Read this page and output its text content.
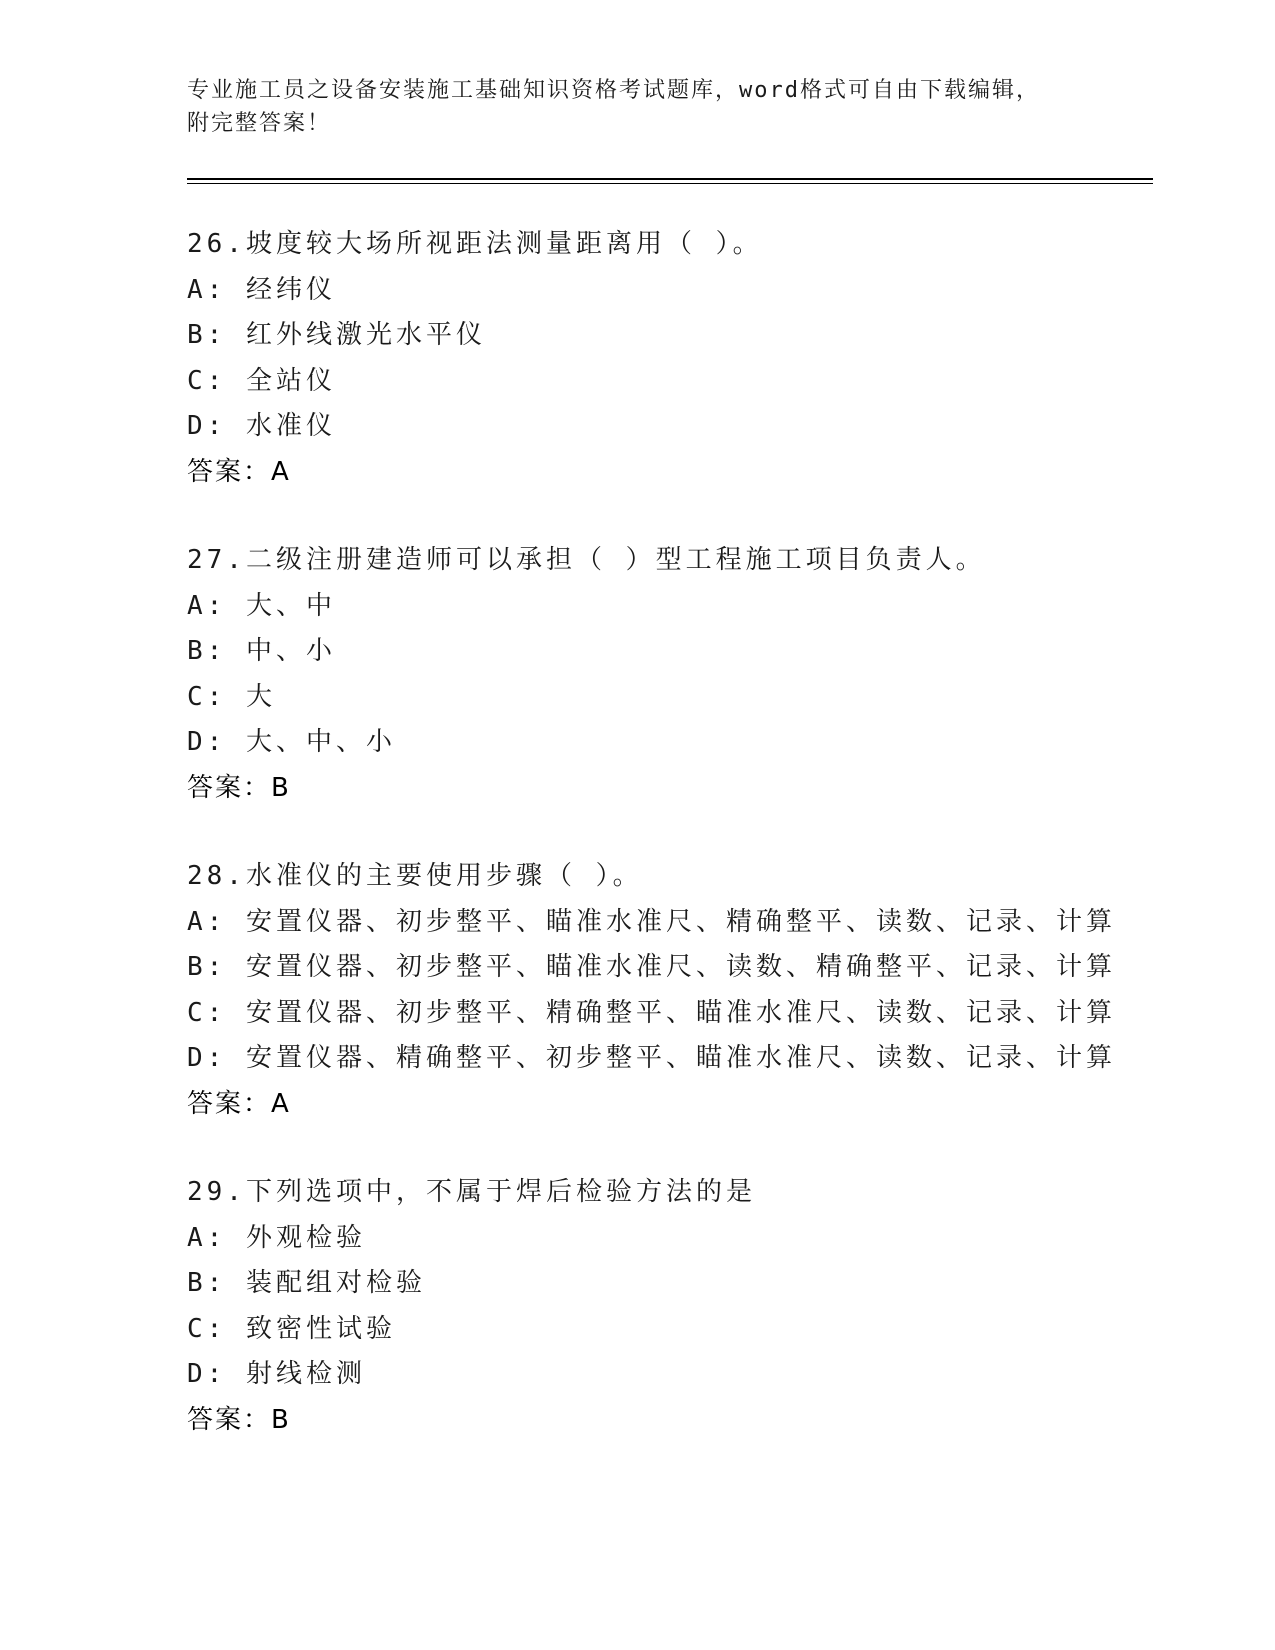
专业施工员之设备安装施工基础知识资格考试题库，word格式可自由下载编辑，
附完整答案！
26.坡度较大场所视距法测量距离用（ ）。
A: 经纬仪
B: 红外线激光水平仪
C: 全站仪
D: 水准仪
答案：A
27.二级注册建造师可以承担（ ）型工程施工项目负责人。
A: 大、中
B: 中、小
C: 大
D: 大、中、小
答案：B
28.水准仪的主要使用步骤（ ）。
A: 安置仪器、初步整平、瞄准水准尺、精确整平、读数、记录、计算
B: 安置仪器、初步整平、瞄准水准尺、读数、精确整平、记录、计算
C: 安置仪器、初步整平、精确整平、瞄准水准尺、读数、记录、计算
D: 安置仪器、精确整平、初步整平、瞄准水准尺、读数、记录、计算
答案：A
29.下列选项中，不属于焊后检验方法的是
A: 外观检验
B: 装配组对检验
C: 致密性试验
D: 射线检测
答案：B
